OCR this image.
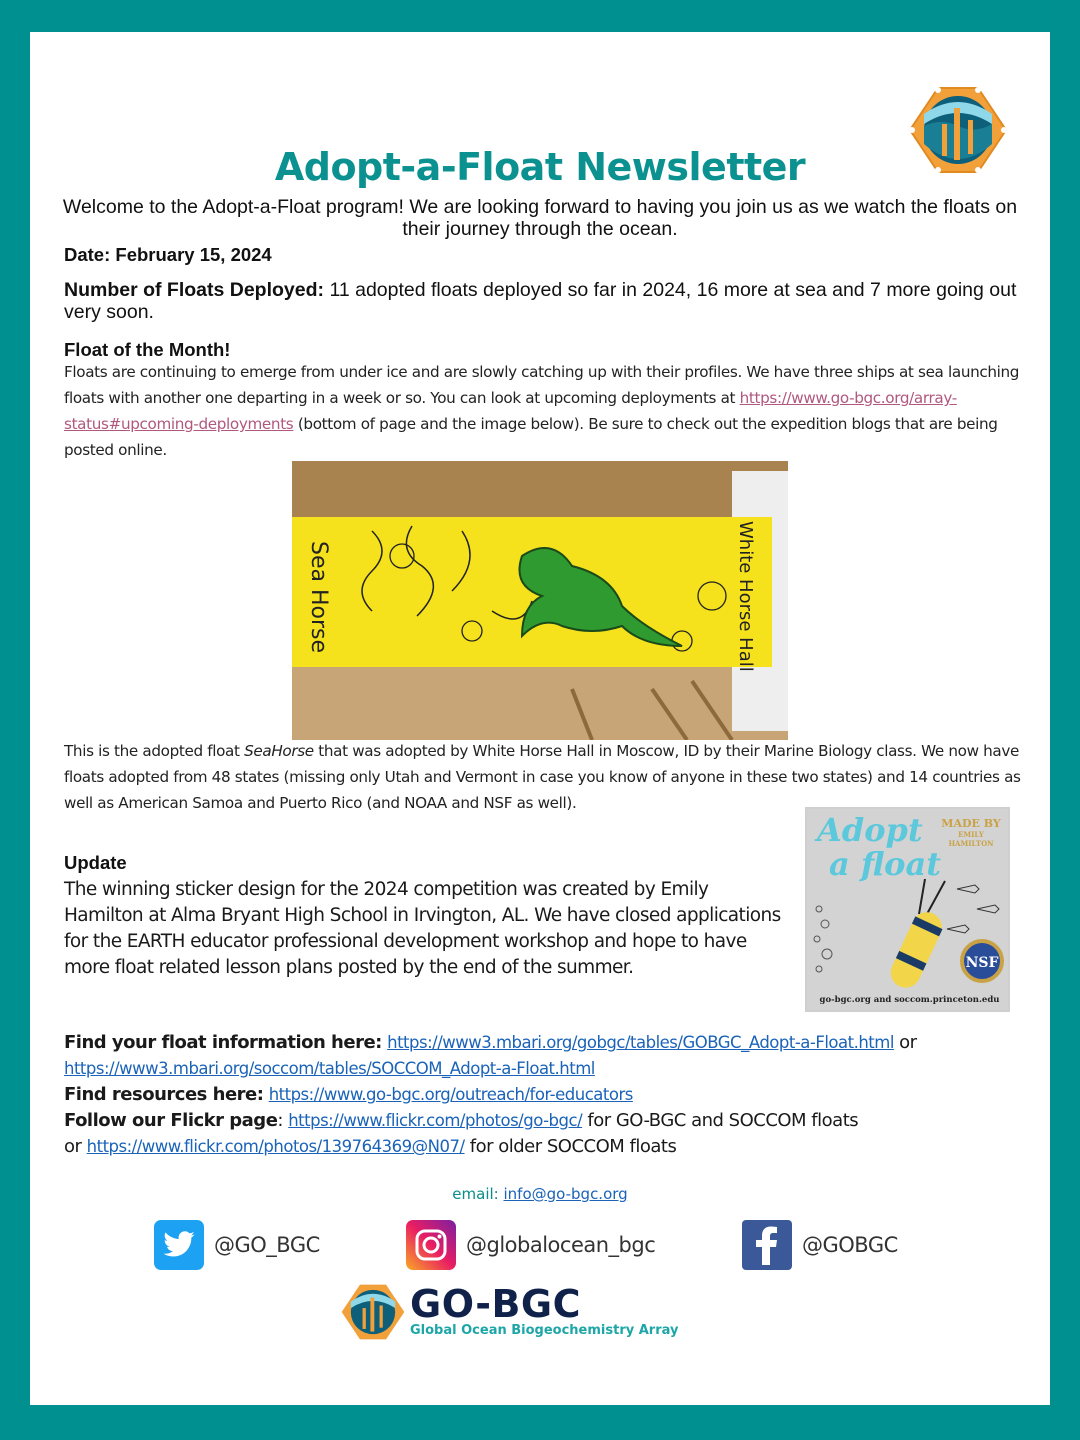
Adopt-a-Float Newsletter
Welcome to the Adopt-a-Float program! We are looking forward to having you join us as we watch the floats on their journey through the ocean.
Date: February 15, 2024
Number of Floats Deployed: 11 adopted floats deployed so far in 2024, 16 more at sea and 7 more going out very soon.
Float of the Month!
Floats are continuing to emerge from under ice and are slowly catching up with their profiles. We have three ships at sea launching floats with another one departing in a week or so. You can look at upcoming deployments at https://www.go-bgc.org/array-status#upcoming-deployments (bottom of page and the image below). Be sure to check out the expedition blogs that are being posted online.
Sea Horse	White Horse Hall
This is the adopted float SeaHorse that was adopted by White Horse Hall in Moscow, ID by their Marine Biology class. We now have floats adopted from 48 states (missing only Utah and Vermont in case you know of anyone in these two states) and 14 countries as well as American Samoa and Puerto Rico (and NOAA and NSF as well).
Adopt
a float
MADE BY
EMILY HAMILTON
NSF
go-bgc.org and soccom.princeton.edu
Update
The winning sticker design for the 2024 competition was created by Emily Hamilton at Alma Bryant High School in Irvington, AL. We have closed applications for the EARTH educator professional development workshop and hope to have more float related lesson plans posted by the end of the summer.
Find your float information here: https://www3.mbari.org/gobgc/tables/GOBGC_Adopt-a-Float.html or
https://www3.mbari.org/soccom/tables/SOCCOM_Adopt-a-Float.html
Find resources here: https://www.go-bgc.org/outreach/for-educators
Follow our Flickr page: https://www.flickr.com/photos/go-bgc/ for GO-BGC and SOCCOM floats
or https://www.flickr.com/photos/139764369@N07/ for older SOCCOM floats
email: info@go-bgc.org
@GO_BGC	@globalocean_bgc	@GOBGC
GO-BGC
Global Ocean Biogeochemistry Array
